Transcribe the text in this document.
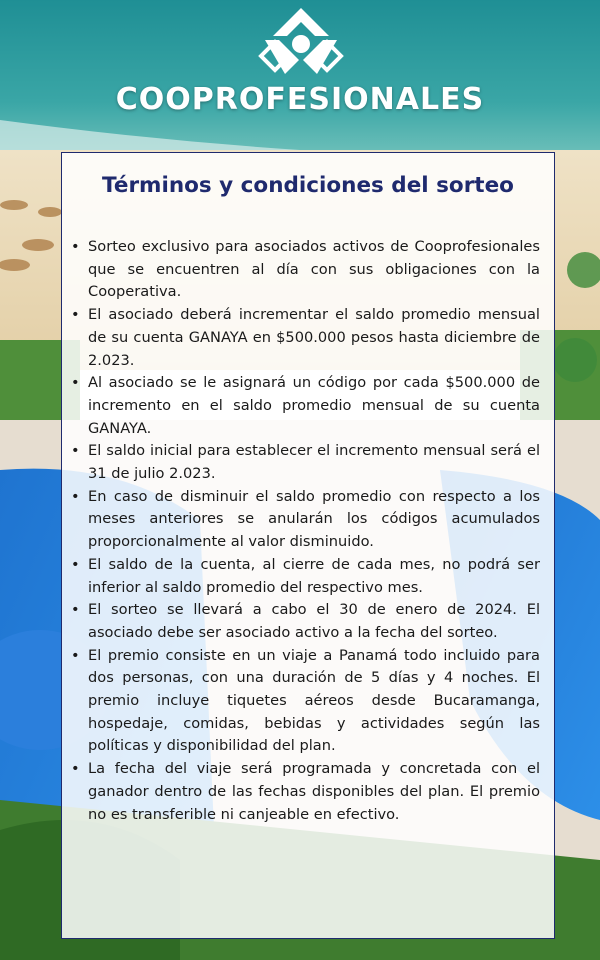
COOPROFESIONALES
Términos y condiciones del sorteo
• Sorteo exclusivo para asociados activos de Cooprofesionales que se encuentren al día con sus obligaciones con la Cooperativa.
• El asociado deberá incrementar el saldo promedio mensual de su cuenta GANAYA en $500.000 pesos hasta diciembre de 2.023.
• Al asociado se le asignará un código por cada $500.000 de incremento en el saldo promedio mensual de su cuenta GANAYA.
• El saldo inicial para establecer el incremento mensual será el 31 de julio 2.023.
• En caso de disminuir el saldo promedio con respecto a los meses anteriores se anularán los códigos acumulados proporcionalmente al valor disminuido.
• El saldo de la cuenta, al cierre de cada mes, no podrá ser inferior al saldo promedio del respectivo mes.
• El sorteo se llevará a cabo el 30 de enero de 2024. El asociado debe ser asociado activo a la fecha del sorteo.
• El premio consiste en un viaje a Panamá todo incluido para dos personas, con una duración de 5 días y 4 noches. El premio incluye tiquetes aéreos desde Bucaramanga, hospedaje, comidas, bebidas y actividades según las políticas y disponibilidad del plan.
• La fecha del viaje será programada y concretada con el ganador dentro de las fechas disponibles del plan. El premio no es transferible ni canjeable en efectivo.
